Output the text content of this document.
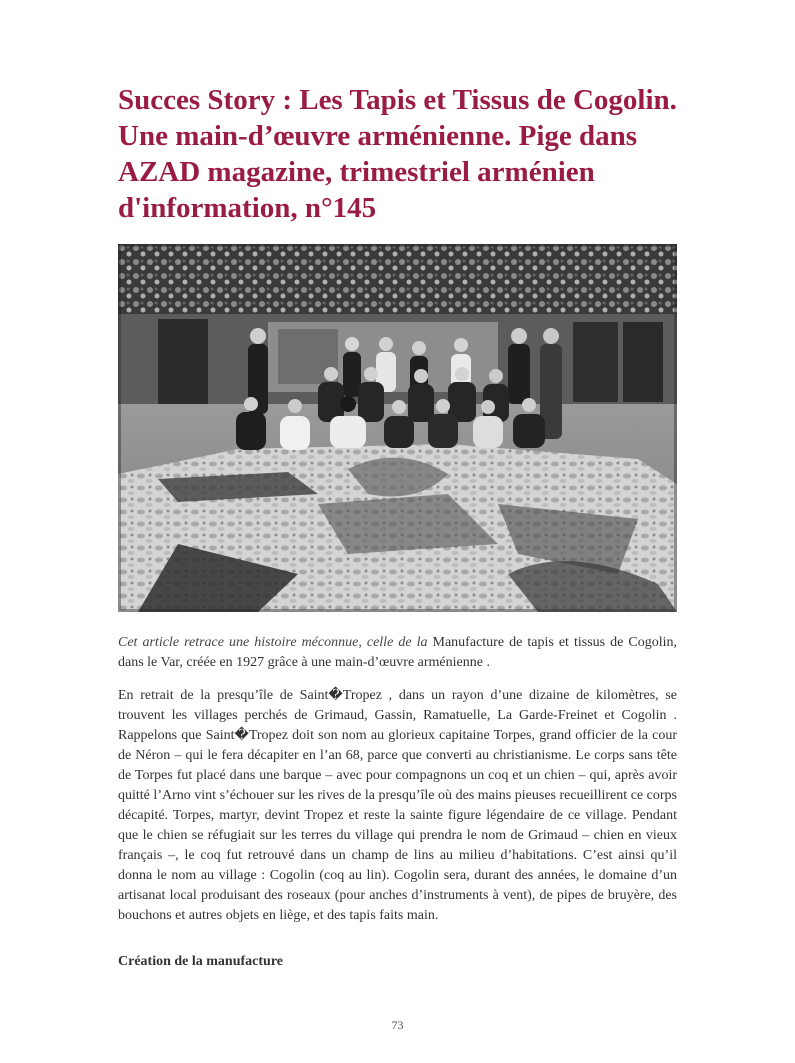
Succes Story : Les Tapis et Tissus de Cogolin. Une main-d’œuvre arménienne. Pige dans AZAD magazine, trimestriel arménien d'information, n°145

Cet article retrace une histoire méconnue, celle de la Manufacture de tapis et tissus de Cogolin, dans le Var, créée en 1927 grâce à une main-d’œuvre arménienne .

En retrait de la presqu’île de Saint�Tropez , dans un rayon d’une dizaine de kilomètres, se trouvent les villages perchés de Grimaud, Gassin, Ramatuelle, La Garde-Freinet et Cogolin . Rappelons que Saint�Tropez doit son nom au glorieux capitaine Torpes, grand officier de la cour de Néron – qui le fera décapiter en l’an 68, parce que converti au christianisme. Le corps sans tête de Torpes fut placé dans une barque – avec pour compagnons un coq et un chien – qui, après avoir quitté l’Arno vint s’échouer sur les rives de la presqu’île où des mains pieuses recueillirent ce corps décapité. Torpes, martyr, devint Tropez et reste la sainte figure légendaire de ce village. Pendant que le chien se réfugiait sur les terres du village qui prendra le nom de Grimaud – chien en vieux français –, le coq fut retrouvé dans un champ de lins au milieu d’habitations. C’est ainsi qu’il donna le nom au village : Cogolin (coq au lin). Cogolin sera, durant des années, le domaine d’un artisanat local produisant des roseaux (pour anches d’instruments à vent), de pipes de bruyère, des bouchons et autres objets en liège, et des tapis faits main.

Création de la manufacture

73
